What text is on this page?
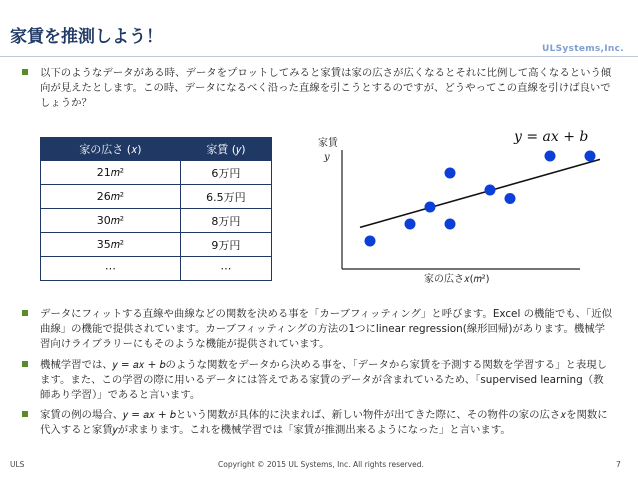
家賃を推測しよう！
ULSystems,Inc.
以下のようなデータがある時、データをプロットしてみると家賃は家の広さが広くなるとそれに比例して高くなるという傾向が見えたとします。この時、データになるべく沿った直線を引こうとするのですが、どうやってこの直線を引けば良いでしょうか？
家の広さ (𝑥)	家賃 (𝑦)
21𝑚²	6万円
26𝑚²	6.5万円
30𝑚²	8万円
35𝑚²	9万円
⋯	⋯
家賃
𝑦
家の広さ𝑥(𝑚²)
𝑦 = 𝑎𝑥 + 𝑏
データにフィットする直線や曲線などの関数を決める事を「カーブフィッティング」と呼びます。Excel の機能でも、「近似曲線」の機能で提供されています。カーブフィッティングの方法の1つにlinear regression(線形回帰)があります。機械学習向けライブラリーにもそのような機能が提供されています。
機械学習では、𝑦 = 𝑎𝑥 + 𝑏のような関数をデータから決める事を、「データから家賃を予測する関数を学習する」と表現します。また、この学習の際に用いるデータには答えである家賃のデータが含まれているため、「supervised learning（教師あり学習）」であると言います。
家賃の例の場合、𝑦 = 𝑎𝑥 + 𝑏という関数が具体的に決まれば、新しい物件が出てきた際に、その物件の家の広さ𝑥を関数に代入すると家賃𝑦が求まります。これを機械学習では「家賃が推測出来るようになった」と言います。
ULS	Copyright © 2015 UL Systems, Inc. All rights reserved.	7
